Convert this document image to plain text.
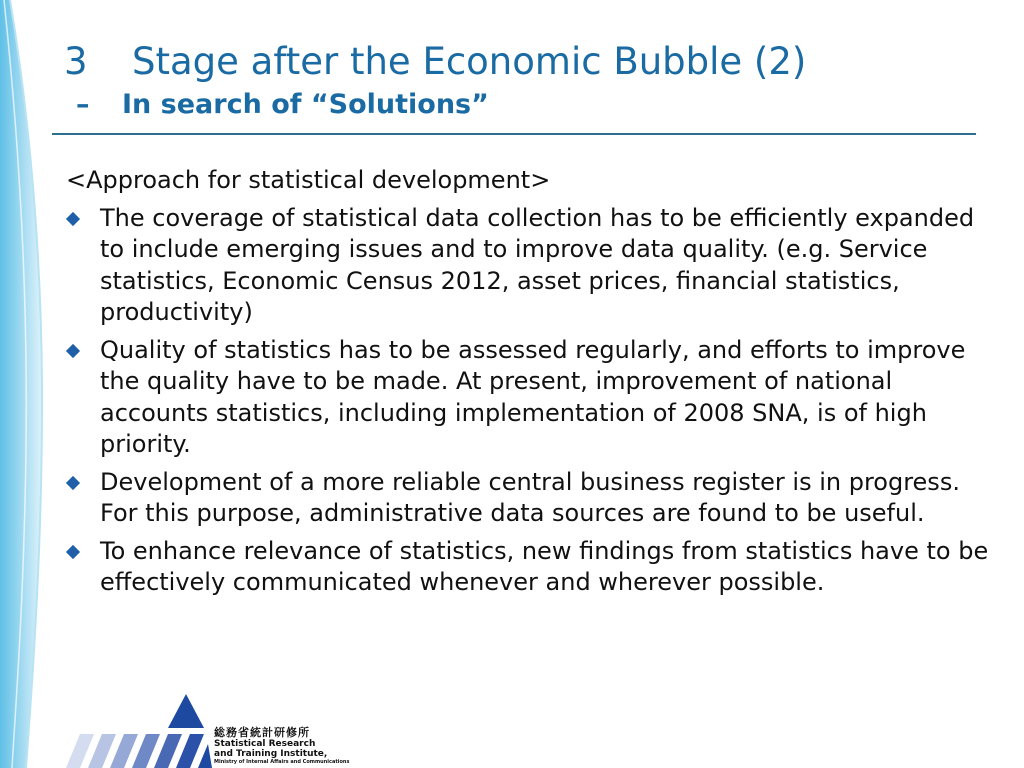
3 Stage after the Economic Bubble (2)
– In search of “Solutions”

<Approach for statistical development>

The coverage of statistical data collection has to be efficiently expanded to include emerging issues and to improve data quality. (e.g. Service statistics, Economic Census 2012, asset prices, financial statistics, productivity)
Quality of statistics has to be assessed regularly, and efforts to improve the quality have to be made. At present, improvement of national accounts statistics, including implementation of 2008 SNA, is of high priority.
Development of a more reliable central business register is in progress. For this purpose, administrative data sources are found to be useful.
To enhance relevance of statistics, new findings from statistics have to be effectively communicated whenever and wherever possible.
総務省統計研修所
Statistical Research
and Training Institute,
Ministry of Internal Affairs and Communications
